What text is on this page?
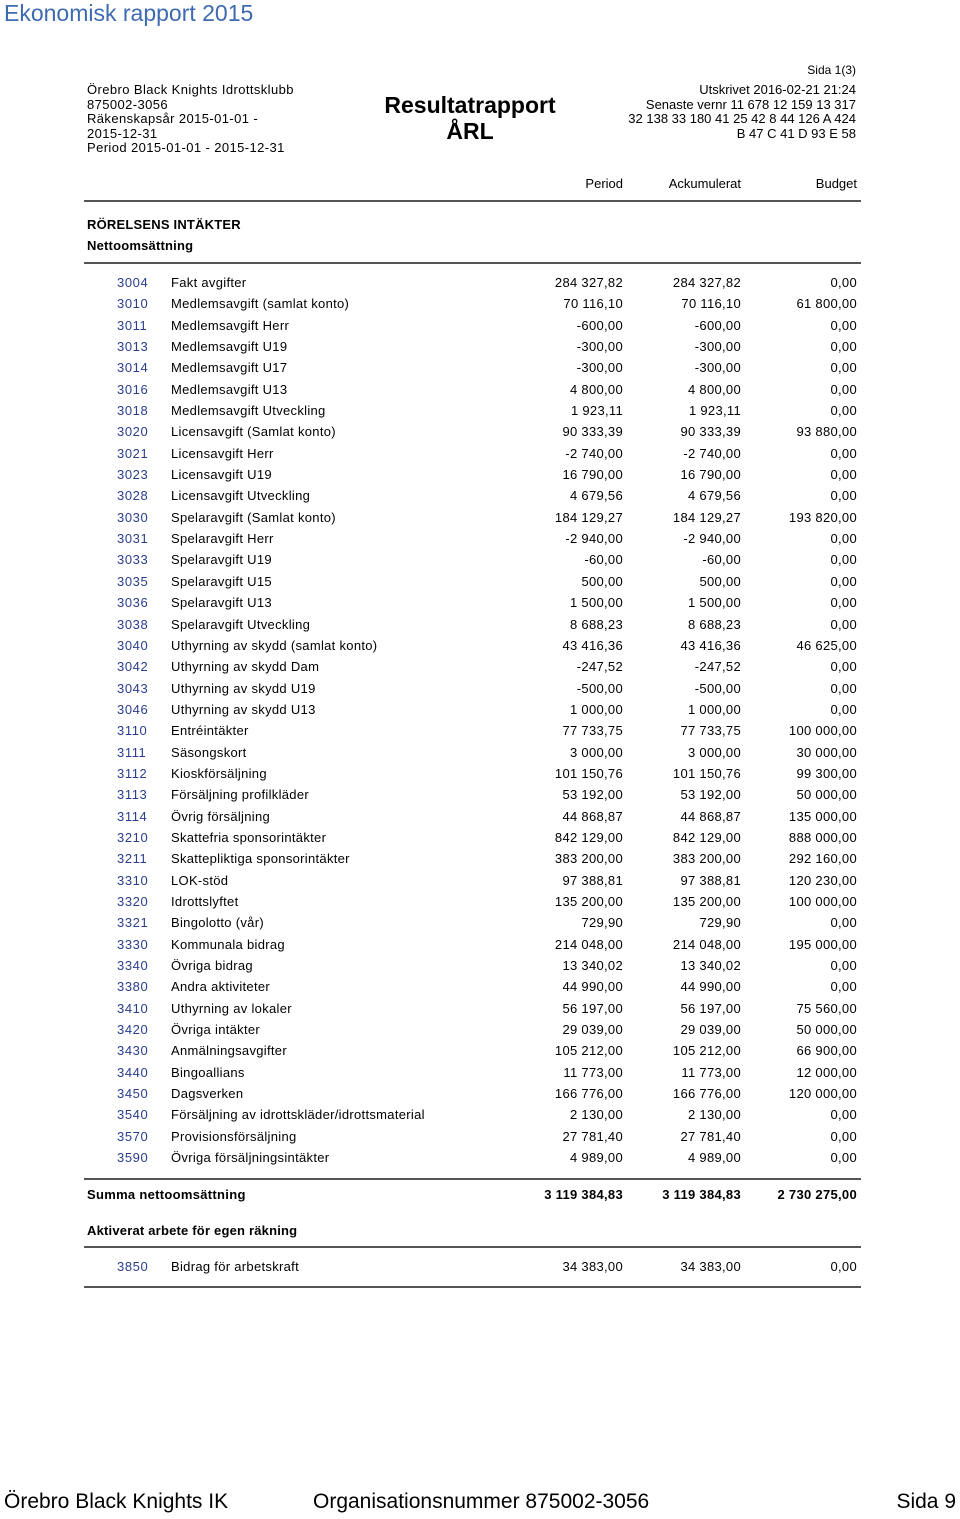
Ekonomisk rapport 2015
Sida 1(3)
Örebro Black Knights Idrottsklubb
875002-3056
Räkenskapsår 2015-01-01 -
2015-12-31
Period 2015-01-01 - 2015-12-31
Resultatrapport
ÅRL
Utskrivet 2016-02-21 21:24
Senaste vernr 11 678 12 159 13 317
32 138 33 180 41 25 42 8 44 126 A 424
B 47 C 41 D 93 E 58
Period	Ackumulerat	Budget
RÖRELSENS INTÄKTER
Nettoomsättning
3004 Fakt avgifter	284 327,82	284 327,82	0,00
3010 Medlemsavgift (samlat konto)	70 116,10	70 116,10	61 800,00
3011 Medlemsavgift Herr	-600,00	-600,00	0,00
3013 Medlemsavgift U19	-300,00	-300,00	0,00
3014 Medlemsavgift U17	-300,00	-300,00	0,00
3016 Medlemsavgift U13	4 800,00	4 800,00	0,00
3018 Medlemsavgift Utveckling	1 923,11	1 923,11	0,00
3020 Licensavgift (Samlat konto)	90 333,39	90 333,39	93 880,00
3021 Licensavgift Herr	-2 740,00	-2 740,00	0,00
3023 Licensavgift U19	16 790,00	16 790,00	0,00
3028 Licensavgift Utveckling	4 679,56	4 679,56	0,00
3030 Spelaravgift (Samlat konto)	184 129,27	184 129,27	193 820,00
3031 Spelaravgift Herr	-2 940,00	-2 940,00	0,00
3033 Spelaravgift U19	-60,00	-60,00	0,00
3035 Spelaravgift U15	500,00	500,00	0,00
3036 Spelaravgift U13	1 500,00	1 500,00	0,00
3038 Spelaravgift Utveckling	8 688,23	8 688,23	0,00
3040 Uthyrning av skydd (samlat konto)	43 416,36	43 416,36	46 625,00
3042 Uthyrning av skydd Dam	-247,52	-247,52	0,00
3043 Uthyrning av skydd U19	-500,00	-500,00	0,00
3046 Uthyrning av skydd U13	1 000,00	1 000,00	0,00
3110 Entréintäkter	77 733,75	77 733,75	100 000,00
3111 Säsongskort	3 000,00	3 000,00	30 000,00
3112 Kioskförsäljning	101 150,76	101 150,76	99 300,00
3113 Försäljning profilkläder	53 192,00	53 192,00	50 000,00
3114 Övrig försäljning	44 868,87	44 868,87	135 000,00
3210 Skattefria sponsorintäkter	842 129,00	842 129,00	888 000,00
3211 Skattepliktiga sponsorintäkter	383 200,00	383 200,00	292 160,00
3310 LOK-stöd	97 388,81	97 388,81	120 230,00
3320 Idrottslyftet	135 200,00	135 200,00	100 000,00
3321 Bingolotto (vår)	729,90	729,90	0,00
3330 Kommunala bidrag	214 048,00	214 048,00	195 000,00
3340 Övriga bidrag	13 340,02	13 340,02	0,00
3380 Andra aktiviteter	44 990,00	44 990,00	0,00
3410 Uthyrning av lokaler	56 197,00	56 197,00	75 560,00
3420 Övriga intäkter	29 039,00	29 039,00	50 000,00
3430 Anmälningsavgifter	105 212,00	105 212,00	66 900,00
3440 Bingoallians	11 773,00	11 773,00	12 000,00
3450 Dagsverken	166 776,00	166 776,00	120 000,00
3540 Försäljning av idrottskläder/idrottsmaterial	2 130,00	2 130,00	0,00
3570 Provisionsförsäljning	27 781,40	27 781,40	0,00
3590 Övriga försäljningsintäkter	4 989,00	4 989,00	0,00
Summa nettoomsättning	3 119 384,83	3 119 384,83	2 730 275,00
Aktiverat arbete för egen räkning
3850 Bidrag för arbetskraft	34 383,00	34 383,00	0,00
Örebro Black Knights IK	Organisationsnummer 875002-3056	Sida 9
